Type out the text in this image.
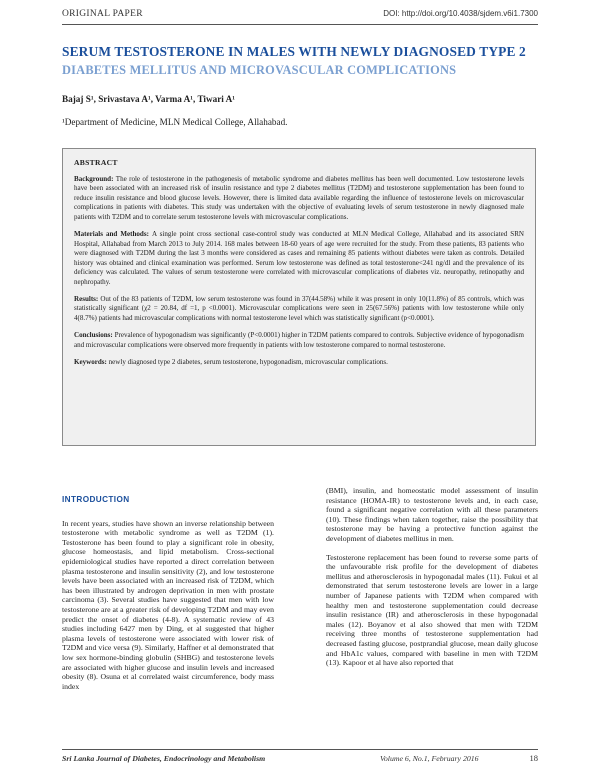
ORIGINAL PAPER	DOI: http://doi.org/10.4038/sjdem.v6i1.7300
SERUM TESTOSTERONE IN MALES WITH NEWLY DIAGNOSED TYPE 2
DIABETES MELLITUS AND MICROVASCULAR COMPLICATIONS
Bajaj S¹, Srivastava A¹, Varma A¹, Tiwari A¹
¹Department of Medicine, MLN Medical College, Allahabad.
ABSTRACT

Background: The role of testosterone in the pathogenesis of metabolic syndrome and diabetes mellitus has been well documented. Low testosterone levels have been associated with an increased risk of insulin resistance and type 2 diabetes mellitus (T2DM) and testosterone supplementation has been found to reduce insulin resistance and blood glucose levels. However, there is limited data available regarding the influence of testosterone levels on microvascular complications in patients with diabetes. This study was undertaken with the objective of evaluating levels of serum testosterone in newly diagnosed male patients with T2DM and to correlate serum testosterone levels with microvascular complications.

Materials and Methods: A single point cross sectional case-control study was conducted at MLN Medical College, Allahabad and its associated SRN Hospital, Allahabad from March 2013 to July 2014. 168 males between 18-60 years of age were recruited for the study. From these patients, 83 patients who were diagnosed with T2DM during the last 3 months were considered as cases and remaining 85 patients without diabetes were taken as controls. Detailed history was obtained and clinical examination was performed. Serum low testosterone was defined as total testosterone<241 ng/dl and the prevalence of its deficiency was calculated. The values of serum testosterone were correlated with microvascular complications of diabetes viz. neuropathy, retinopathy and nephropathy.

Results: Out of the 83 patients of T2DM, low serum testosterone was found in 37(44.58%) while it was present in only 10(11.8%) of 85 controls, which was statistically significant (χ2 = 20.84, df =1, p <0.0001). Microvascular complications were seen in 25(67.56%) patients with low testosterone while only 4(8.7%) patients had microvascular complications with normal testosterone level which was statistically significant (p<0.0001).

Conclusions: Prevalence of hypogonadism was significantly (P<0.0001) higher in T2DM patients compared to controls. Subjective evidence of hypogonadism and microvascular complications were observed more frequently in patients with low testosterone compared to normal testosterone.

Keywords: newly diagnosed type 2 diabetes, serum testosterone, hypogonadism, microvascular complications.

INTRODUCTION

In recent years, studies have shown an inverse relationship between testosterone with metabolic syndrome as well as T2DM (1). Testosterone has been found to play a significant role in obesity, glucose homeostasis, and lipid metabolism. Cross-sectional epidemiological studies have reported a direct correlation between plasma testosterone and insulin sensitivity (2), and low testosterone levels have been associated with an increased risk of T2DM, which has been illustrated by androgen deprivation in men with prostate carcinoma (3). Several studies have suggested that men with low testosterone are at a greater risk of developing T2DM and may even predict the onset of diabetes (4-8). A systematic review of 43 studies including 6427 men by Ding, et al suggested that higher plasma levels of testosterone were associated with lower risk of T2DM and vice versa (9). Similarly, Haffner et al demonstrated that low sex hormone-binding globulin (SHBG) and testosterone levels are associated with higher glucose and insulin levels and increased obesity (8). Osuna et al correlated waist circumference, body mass index

(BMI), insulin, and homeostatic model assessment of insulin resistance (HOMA-IR) to testosterone levels and, in each case, found a significant negative correlation with all these parameters (10). These findings when taken together, raise the possibility that testosterone may be having a protective function against the development of diabetes mellitus in men.

Testosterone replacement has been found to reverse some parts of the unfavourable risk profile for the development of diabetes mellitus and atherosclerosis in hypogonadal males (11). Fukui et al demonstrated that serum testosterone levels are lower in a large number of Japanese patients with T2DM when compared with healthy men and testosterone supplementation could decrease insulin resistance (IR) and atherosclerosis in these hypogonadal males (12). Boyanov et al also showed that men with T2DM receiving three months of testosterone supplementation had decreased fasting glucose, postprandial glucose, mean daily glucose and HbA1c values, compared with baseline in men with T2DM (13). Kapoor et al have also reported that

Sri Lanka Journal of Diabetes, Endocrinology and Metabolism	Volume 6, No.1, February 2016	18
